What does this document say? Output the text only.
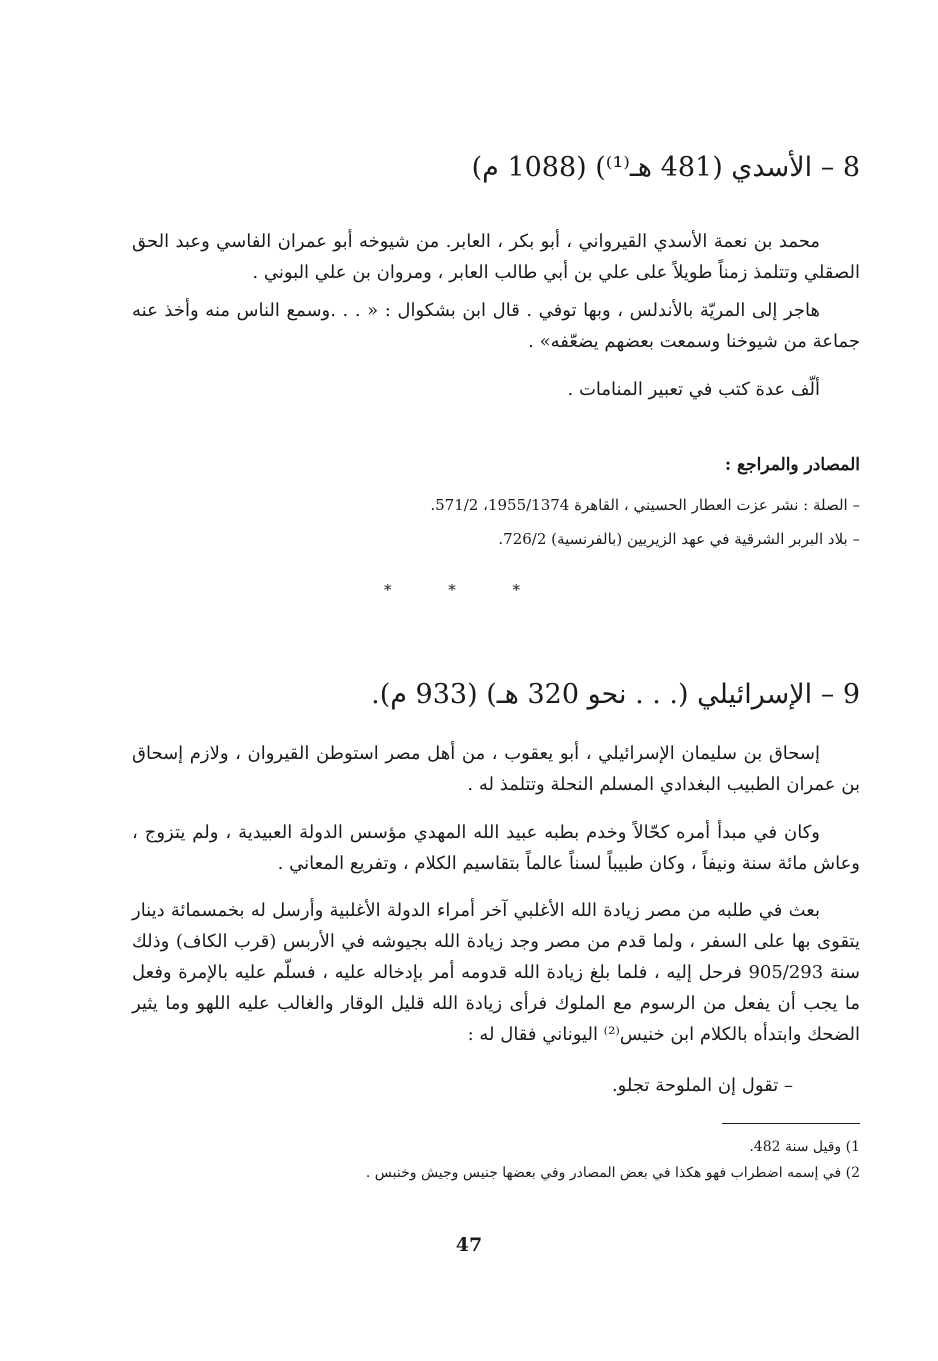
8 – الأسدي (481 هـ⁽¹⁾) (1088 م)
محمد بن نعمة الأسدي القيرواني ، أبو بكر ، العابر. من شيوخه أبو عمران الفاسي وعبد الحق الصقلي وتتلمذ زمناً طويلاً على علي بن أبي طالب العابر ، ومروان بن علي البوني .
هاجر إلى المريّة بالأندلس ، وبها توفي . قال ابن بشكوال : « . . .وسمع الناس منه وأخذ عنه جماعة من شيوخنا وسمعت بعضهم يضعّفه» .
ألّف عدة كتب في تعبير المنامات .
المصادر والمراجع :
– الصلة : نشر عزت العطار الحسيني ، القاهرة 1955/1374، 571/2.
– بلاد البربر الشرقية في عهد الزيريين (بالفرنسية) 726/2.
* * *
9 – الإسرائيلي (. . . نحو 320 هـ) (933 م).
إسحاق بن سليمان الإسرائيلي ، أبو يعقوب ، من أهل مصر استوطن القيروان ، ولازم إسحاق بن عمران الطبيب البغدادي المسلم النحلة وتتلمذ له .
وكان في مبدأ أمره كحّالاً وخدم بطبه عبيد الله المهدي مؤسس الدولة العبيدية ، ولم يتزوج ، وعاش مائة سنة ونيفاً ، وكان طبيباً لسناً عالماً بتقاسيم الكلام ، وتفريع المعاني .
بعث في طلبه من مصر زيادة الله الأغلبي آخر أمراء الدولة الأغلبية وأرسل له بخمسمائة دينار يتقوى بها على السفر ، ولما قدم من مصر وجد زيادة الله بجيوشه في الأربس (قرب الكاف) وذلك سنة 905/293 فرحل إليه ، فلما بلغ زيادة الله قدومه أمر بإدخاله عليه ، فسلّم عليه بالإمرة وفعل ما يجب أن يفعل من الرسوم مع الملوك فرأى زيادة الله قليل الوقار والغالب عليه اللهو وما يثير الضحك وابتدأه بالكلام ابن خنيس⁽²⁾ اليوناني فقال له :
– تقول إن الملوحة تجلو.
1) وقيل سنة 482.
2) في إسمه اضطراب فهو هكذا في بعض المصادر وفي بعضها جنيس وجيش وخنبس .
47
